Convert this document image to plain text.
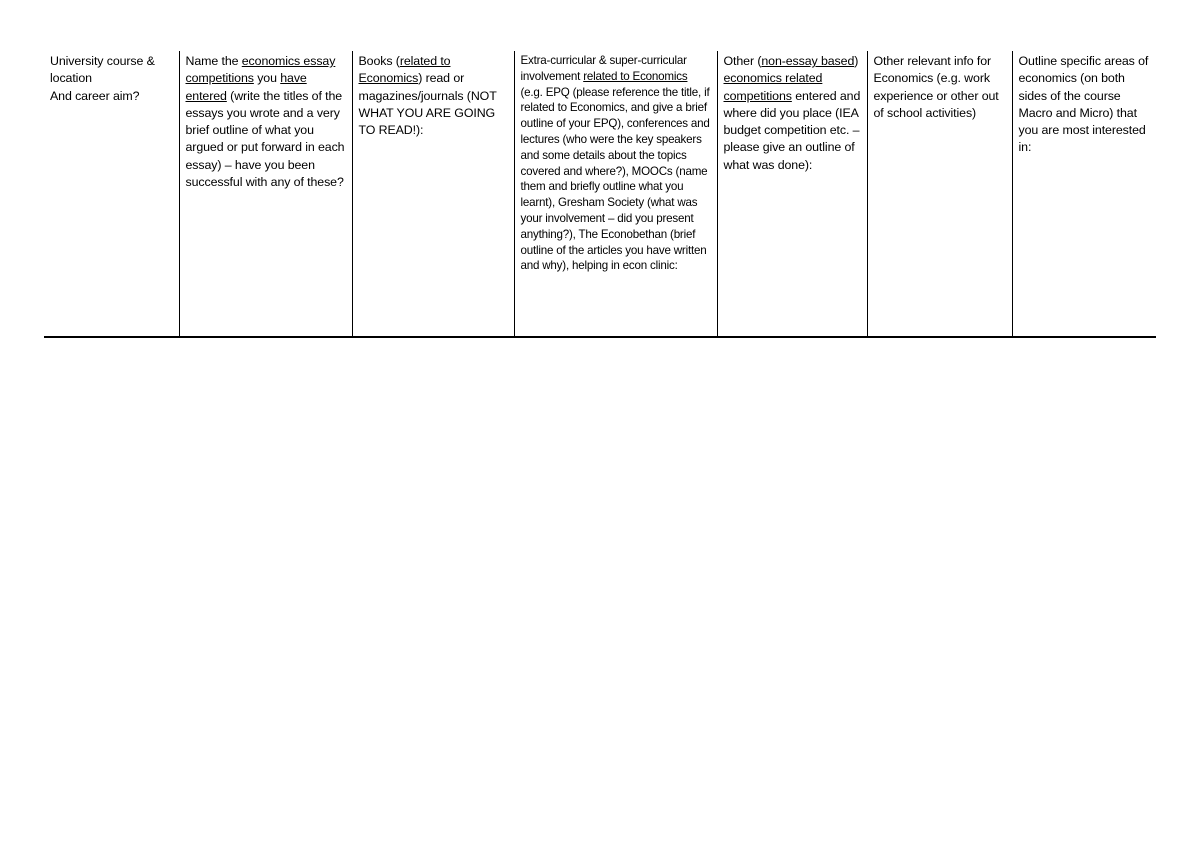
University course &
location
And career aim?

Name the economics essay competitions you have entered (write the titles of the essays you wrote and a very brief outline of what you argued or put forward in each essay) – have you been successful with any of these?

Books (related to Economics) read or magazines/journals (NOT WHAT YOU ARE GOING TO READ!):

Extra-curricular & super-curricular involvement related to Economics (e.g. EPQ (please reference the title, if related to Economics, and give a brief outline of your EPQ), conferences and lectures (who were the key speakers and some details about the topics covered and where?), MOOCs (name them and briefly outline what you learnt), Gresham Society (what was your involvement – did you present anything?), The Econobethan (brief outline of the articles you have written and why), helping in econ clinic:

Other (non-essay based) economics related competitions entered and where did you place (IEA budget competition etc. – please give an outline of what was done):

Other relevant info for Economics (e.g. work experience or other out of school activities)

Outline specific areas of economics (on both sides of the course Macro and Micro) that you are most interested in:
